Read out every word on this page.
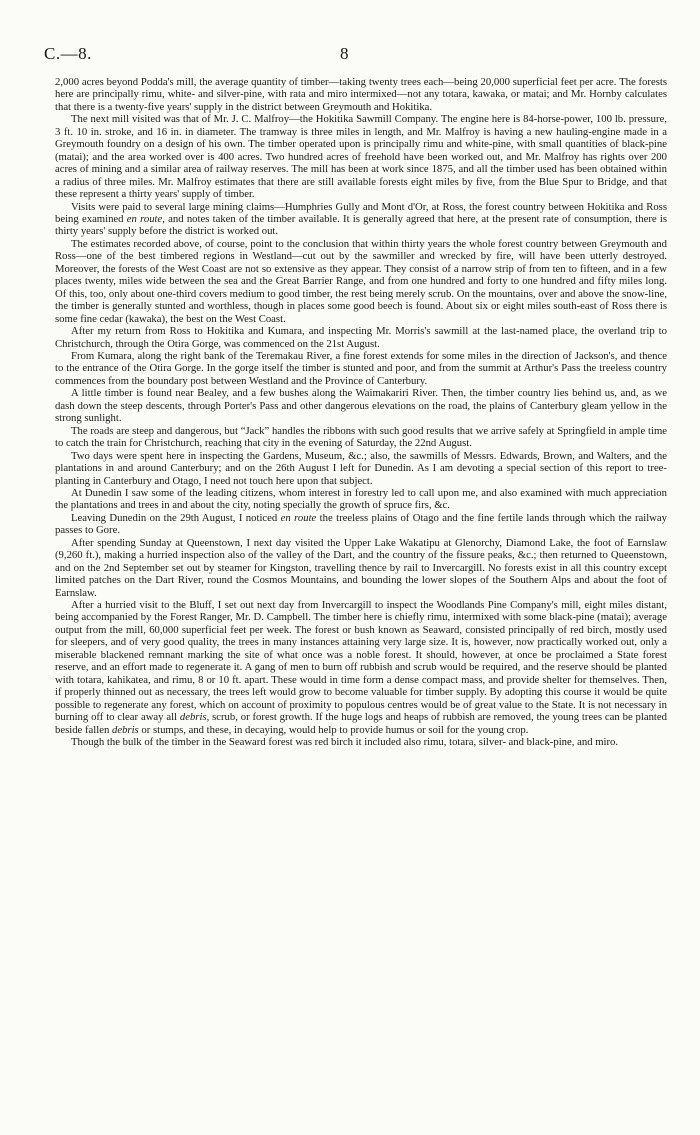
C.—8.	8

2,000 acres beyond Podda's mill, the average quantity of timber—taking twenty trees each—being 20,000 superficial feet per acre. The forests here are principally rimu, white- and silver-pine, with rata and miro intermixed—not any totara, kawaka, or matai; and Mr. Hornby calculates that there is a twenty-five years' supply in the district between Greymouth and Hokitika.

The next mill visited was that of Mr. J. C. Malfroy—the Hokitika Sawmill Company. The engine here is 84-horse-power, 100 lb. pressure, 3 ft. 10 in. stroke, and 16 in. in diameter. The tramway is three miles in length, and Mr. Malfroy is having a new hauling-engine made in a Greymouth foundry on a design of his own. The timber operated upon is principally rimu and white-pine, with small quantities of black-pine (matai); and the area worked over is 400 acres. Two hundred acres of freehold have been worked out, and Mr. Malfroy has rights over 200 acres of mining and a similar area of railway reserves. The mill has been at work since 1875, and all the timber used has been obtained within a radius of three miles. Mr. Malfroy estimates that there are still available forests eight miles by five, from the Blue Spur to Bridge, and that these represent a thirty years' supply of timber.

Visits were paid to several large mining claims—Humphries Gully and Mont d'Or, at Ross, the forest country between Hokitika and Ross being examined en route, and notes taken of the timber available. It is generally agreed that here, at the present rate of consumption, there is thirty years' supply before the district is worked out.

The estimates recorded above, of course, point to the conclusion that within thirty years the whole forest country between Greymouth and Ross—one of the best timbered regions in Westland—cut out by the sawmiller and wrecked by fire, will have been utterly destroyed. Moreover, the forests of the West Coast are not so extensive as they appear. They consist of a narrow strip of from ten to fifteen, and in a few places twenty, miles wide between the sea and the Great Barrier Range, and from one hundred and forty to one hundred and fifty miles long. Of this, too, only about one-third covers medium to good timber, the rest being merely scrub. On the mountains, over and above the snow-line, the timber is generally stunted and worthless, though in places some good beech is found. About six or eight miles south-east of Ross there is some fine cedar (kawaka), the best on the West Coast.

After my return from Ross to Hokitika and Kumara, and inspecting Mr. Morris's sawmill at the last-named place, the overland trip to Christchurch, through the Otira Gorge, was commenced on the 21st August.

From Kumara, along the right bank of the Teremakau River, a fine forest extends for some miles in the direction of Jackson's, and thence to the entrance of the Otira Gorge. In the gorge itself the timber is stunted and poor, and from the summit at Arthur's Pass the treeless country commences from the boundary post between Westland and the Province of Canterbury.

A little timber is found near Bealey, and a few bushes along the Waimakariri River. Then, the timber country lies behind us, and, as we dash down the steep descents, through Porter's Pass and other dangerous elevations on the road, the plains of Canterbury gleam yellow in the strong sunlight.

The roads are steep and dangerous, but “Jack” handles the ribbons with such good results that we arrive safely at Springfield in ample time to catch the train for Christchurch, reaching that city in the evening of Saturday, the 22nd August.

Two days were spent here in inspecting the Gardens, Museum, &c.; also, the sawmills of Messrs. Edwards, Brown, and Walters, and the plantations in and around Canterbury; and on the 26th August I left for Dunedin. As I am devoting a special section of this report to tree-planting in Canterbury and Otago, I need not touch here upon that subject.

At Dunedin I saw some of the leading citizens, whom interest in forestry led to call upon me, and also examined with much appreciation the plantations and trees in and about the city, noting specially the growth of spruce firs, &c.

Leaving Dunedin on the 29th August, I noticed en route the treeless plains of Otago and the fine fertile lands through which the railway passes to Gore.

After spending Sunday at Queenstown, I next day visited the Upper Lake Wakatipu at Glenorchy, Diamond Lake, the foot of Earnslaw (9,260 ft.), making a hurried inspection also of the valley of the Dart, and the country of the fissure peaks, &c.; then returned to Queenstown, and on the 2nd September set out by steamer for Kingston, travelling thence by rail to Invercargill. No forests exist in all this country except limited patches on the Dart River, round the Cosmos Mountains, and bounding the lower slopes of the Southern Alps and about the foot of Earnslaw.

After a hurried visit to the Bluff, I set out next day from Invercargill to inspect the Woodlands Pine Company's mill, eight miles distant, being accompanied by the Forest Ranger, Mr. D. Campbell. The timber here is chiefly rimu, intermixed with some black-pine (matai); average output from the mill, 60,000 superficial feet per week. The forest or bush known as Seaward, consisted principally of red birch, mostly used for sleepers, and of very good quality, the trees in many instances attaining very large size. It is, however, now practically worked out, only a miserable blackened remnant marking the site of what once was a noble forest. It should, however, at once be proclaimed a State forest reserve, and an effort made to regenerate it. A gang of men to burn off rubbish and scrub would be required, and the reserve should be planted with totara, kahikatea, and rimu, 8 or 10 ft. apart. These would in time form a dense compact mass, and provide shelter for themselves. Then, if properly thinned out as necessary, the trees left would grow to become valuable for timber supply. By adopting this course it would be quite possible to regenerate any forest, which on account of proximity to populous centres would be of great value to the State. It is not necessary in burning off to clear away all debris, scrub, or forest growth. If the huge logs and heaps of rubbish are removed, the young trees can be planted beside fallen debris or stumps, and these, in decaying, would help to provide humus or soil for the young crop.

Though the bulk of the timber in the Seaward forest was red birch it included also rimu, totara, silver- and black-pine, and miro.
